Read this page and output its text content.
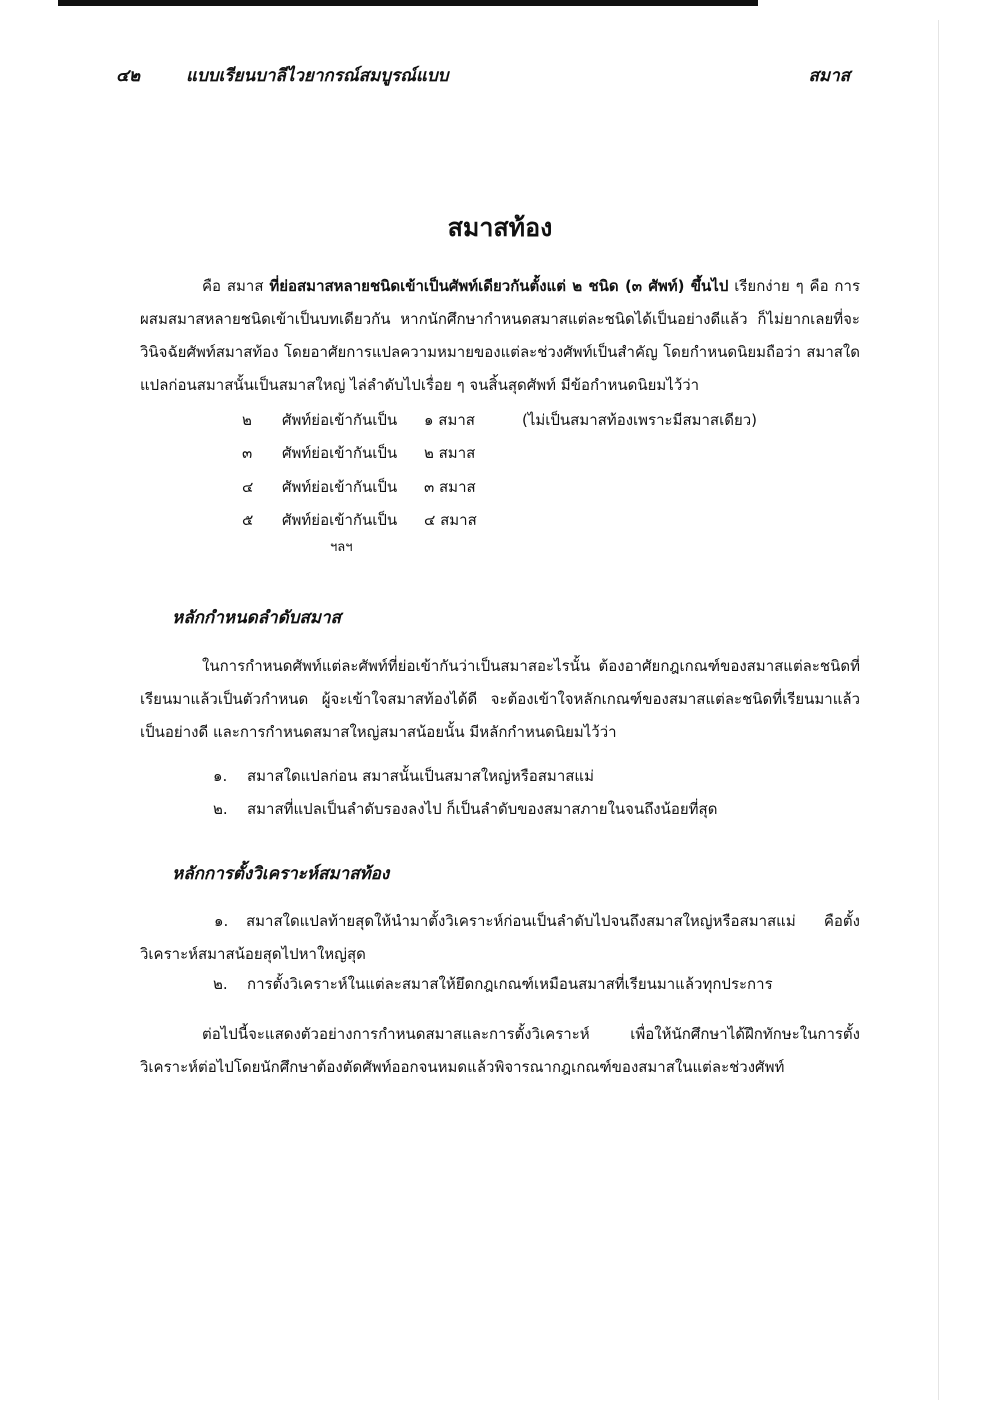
๔๒	แบบเรียนบาลีไวยากรณ์สมบูรณ์แบบ	สมาส
สมาสท้อง

คือ สมาส ที่ย่อสมาสหลายชนิดเข้าเป็นศัพท์เดียวกันตั้งแต่ ๒ ชนิด (๓ ศัพท์) ขึ้นไป เรียกง่าย ๆ คือ การผสมสมาสหลายชนิดเข้าเป็นบทเดียวกัน หากนักศึกษากำหนดสมาสแต่ละชนิดได้เป็นอย่างดีแล้ว ก็ไม่ยากเลยที่จะวินิจฉัยศัพท์สมาสท้อง โดยอาศัยการแปลความหมายของแต่ละช่วงศัพท์เป็นสำคัญ โดยกำหนดนิยมถือว่า สมาสใดแปลก่อนสมาสนั้นเป็นสมาสใหญ่ ไล่ลำดับไปเรื่อย ๆ จนสิ้นสุดศัพท์ มีข้อกำหนดนิยมไว้ว่า

๒ ศัพท์ย่อเข้ากันเป็น ๑ สมาส	(ไม่เป็นสมาสท้องเพราะมีสมาสเดียว)
๓ ศัพท์ย่อเข้ากันเป็น ๒ สมาส
๔ ศัพท์ย่อเข้ากันเป็น ๓ สมาส
๕ ศัพท์ย่อเข้ากันเป็น ๔ สมาส
ฯลฯ
หลักกำหนดลำดับสมาส

ในการกำหนดศัพท์แต่ละศัพท์ที่ย่อเข้ากันว่าเป็นสมาสอะไรนั้น ต้องอาศัยกฎเกณฑ์ของสมาสแต่ละชนิดที่เรียนมาแล้วเป็นตัวกำหนด ผู้จะเข้าใจสมาสท้องได้ดี จะต้องเข้าใจหลักเกณฑ์ของสมาสแต่ละชนิดที่เรียนมาแล้วเป็นอย่างดี และการกำหนดสมาสใหญ่สมาสน้อยนั้น มีหลักกำหนดนิยมไว้ว่า

๑. สมาสใดแปลก่อน สมาสนั้นเป็นสมาสใหญ่หรือสมาสแม่
๒. สมาสที่แปลเป็นลำดับรองลงไป ก็เป็นลำดับของสมาสภายในจนถึงน้อยที่สุด
หลักการตั้งวิเคราะห์สมาสท้อง

๑. สมาสใดแปลท้ายสุดให้นำมาตั้งวิเคราะห์ก่อนเป็นลำดับไปจนถึงสมาสใหญ่หรือสมาสแม่ คือตั้งวิเคราะห์สมาสน้อยสุดไปหาใหญ่สุด

๒. การตั้งวิเคราะห์ในแต่ละสมาสให้ยึดกฎเกณฑ์เหมือนสมาสที่เรียนมาแล้วทุกประการ

ต่อไปนี้จะแสดงตัวอย่างการกำหนดสมาสและการตั้งวิเคราะห์ เพื่อให้นักศึกษาได้ฝึกทักษะในการตั้งวิเคราะห์ต่อไปโดยนักศึกษาต้องตัดศัพท์ออกจนหมดแล้วพิจารณากฎเกณฑ์ของสมาสในแต่ละช่วงศัพท์
